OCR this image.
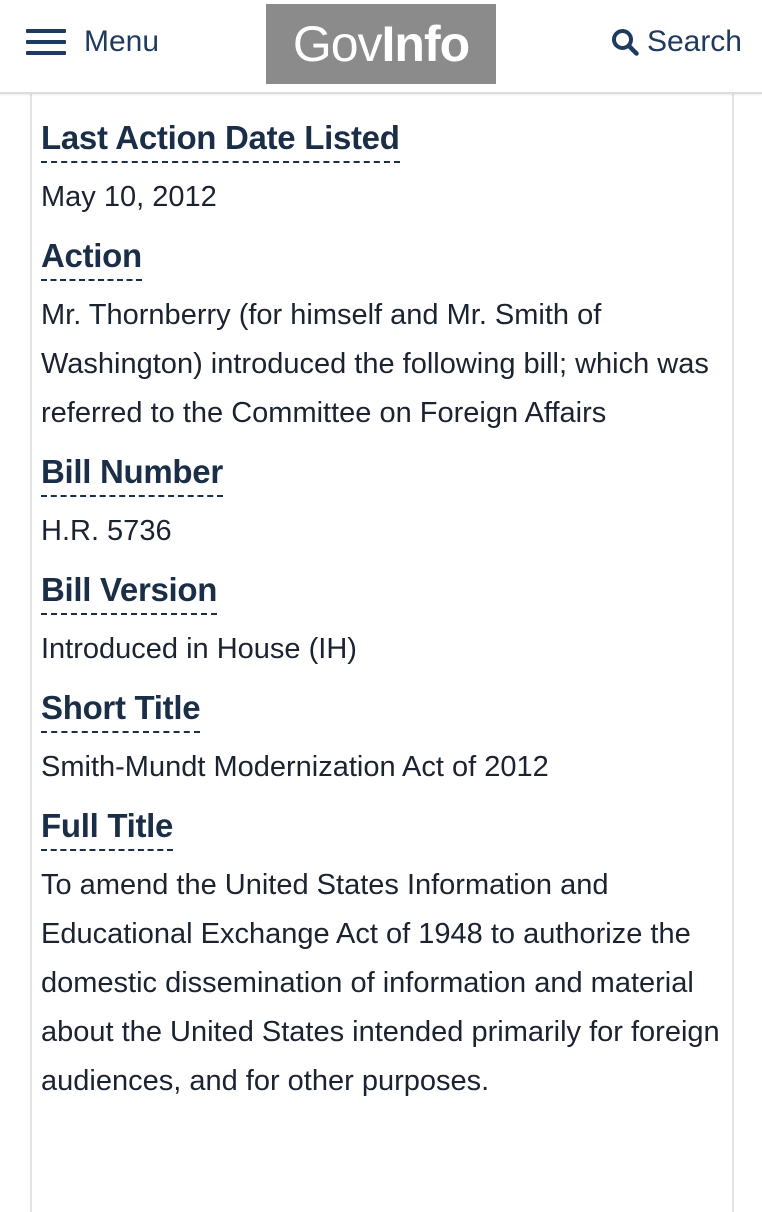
Menu	Gov Info	Search
Last Action Date Listed
May 10, 2012
Action
Mr. Thornberry (for himself and Mr. Smith of Washington) introduced the following bill; which was referred to the Committee on Foreign Affairs
Bill Number
H.R. 5736
Bill Version
Introduced in House (IH)
Short Title
Smith-Mundt Modernization Act of 2012
Full Title
To amend the United States Information and Educational Exchange Act of 1948 to authorize the domestic dissemination of information and material about the United States intended primarily for foreign audiences, and for other purposes.
